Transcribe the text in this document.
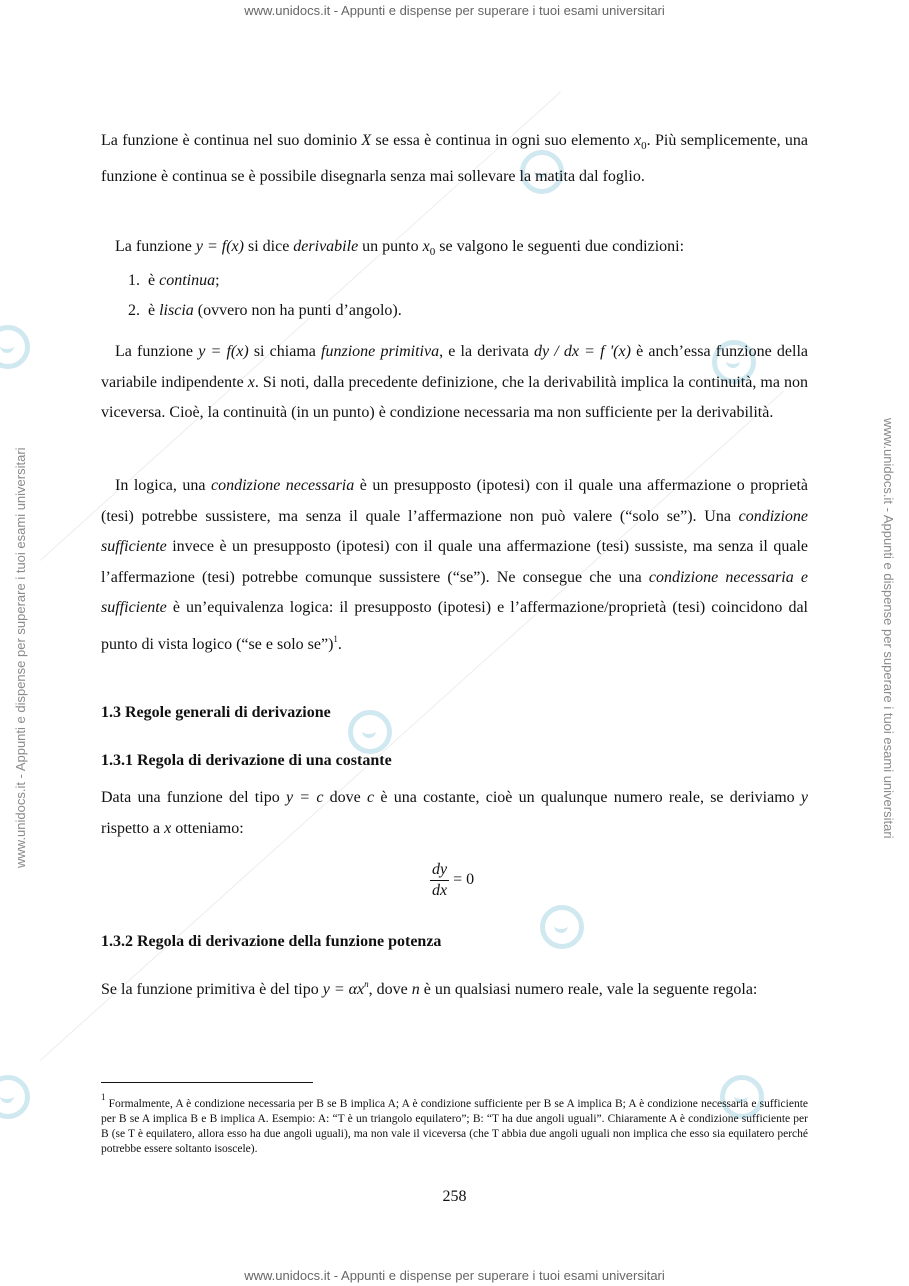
www.unidocs.it - Appunti e dispense per superare i tuoi esami universitari
www.unidocs.it - Appunti e dispense per superare i tuoi esami universitari
www.unidocs.it - Appunti e dispense per superare i tuoi esami universitari	www.unidocs.it - Appunti e dispense per superare i tuoi esami universitari

La funzione è continua nel suo dominio X se essa è continua in ogni suo elemento $x_0$. Più semplicemente, una funzione è continua se è possibile disegnarla senza mai sollevare la matita dal foglio.

La funzione y = f(x) si dice derivabile un punto $x_0$ se valgono le seguenti due condizioni:

1. è continua;
2. è liscia (ovvero non ha punti d’angolo).

La funzione y = f(x) si chiama funzione primitiva, e la derivata dy / dx = f '(x) è anch’essa funzione della variabile indipendente x. Si noti, dalla precedente definizione, che la derivabilità implica la continuità, ma non viceversa. Cioè, la continuità (in un punto) è condizione necessaria ma non sufficiente per la derivabilità.

In logica, una condizione necessaria è un presupposto (ipotesi) con il quale una affermazione o proprietà (tesi) potrebbe sussistere, ma senza il quale l’affermazione non può valere (“solo se”). Una condizione sufficiente invece è un presupposto (ipotesi) con il quale una affermazione (tesi) sussiste, ma senza il quale l’affermazione (tesi) potrebbe comunque sussistere (“se”). Ne consegue che una condizione necessaria e sufficiente è un’equivalenza logica: il presupposto (ipotesi) e l’affermazione/proprietà (tesi) coincidono dal punto di vista logico (“se e solo se”)$^1$.

1.3 Regole generali di derivazione
1.3.1 Regola di derivazione di una costante

Data una funzione del tipo y = c dove c è una costante, cioè un qualunque numero reale, se deriviamo y rispetto a x otteniamo:

$\frac{dy}{dx} = 0$
1.3.2 Regola di derivazione della funzione potenza

Se la funzione primitiva è del tipo $y = \alpha x^n$, dove n è un qualsiasi numero reale, vale la seguente regola:

$^1$ Formalmente, A è condizione necessaria per B se B implica A; A è condizione sufficiente per B se A implica B; A è condizione necessaria e sufficiente per B se A implica B e B implica A. Esempio: A: “T è un triangolo equilatero”; B: “T ha due angoli uguali”. Chiaramente A è condizione sufficiente per B (se T è equilatero, allora esso ha due angoli uguali), ma non vale il viceversa (che T abbia due angoli uguali non implica che esso sia equilatero perché potrebbe essere soltanto isoscele).

258
